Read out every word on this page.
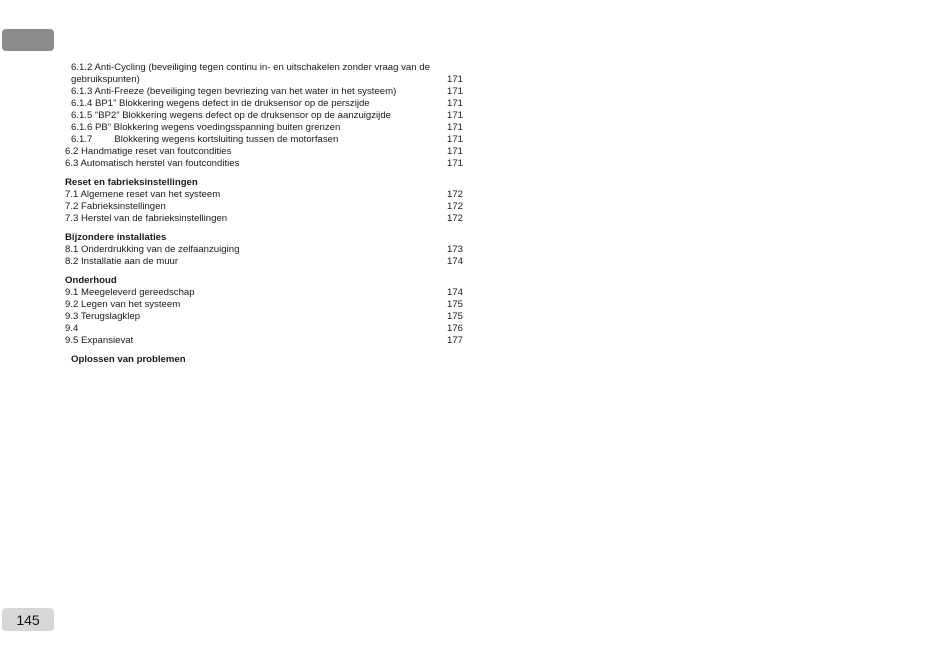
6.1.2 Anti-Cycling (beveiliging tegen continu in- en uitschakelen zonder vraag van de
gebruikspunten)	171
6.1.3 Anti-Freeze (beveiliging tegen bevriezing van het water in het systeem)	171
6.1.4 BP1” Blokkering wegens defect in de druksensor op de perszijde	171
6.1.5 “BP2” Blokkering wegens defect op de druksensor op de aanzuigzijde	171
6.1.6 PB” Blokkering wegens voedingsspanning buiten grenzen	171
6.1.7 Blokkering wegens kortsluiting tussen de motorfasen	171
6.2 Handmatige reset van foutcondities	171
6.3 Automatisch herstel van foutcondities	171
Reset en fabrieksinstellingen
7.1 Algemene reset van het systeem	172
7.2 Fabrieksinstellingen	172
7.3 Herstel van de fabrieksinstellingen	172
Bijzondere installaties
8.1 Onderdrukking van de zelfaanzuiging	173
8.2 Installatie aan de muur	174
Onderhoud
9.1 Meegeleverd gereedschap	174
9.2 Legen van het systeem	175
9.3 Terugslagklep	175
9.4	176
9.5 Expansievat	177
Oplossen van problemen
145
